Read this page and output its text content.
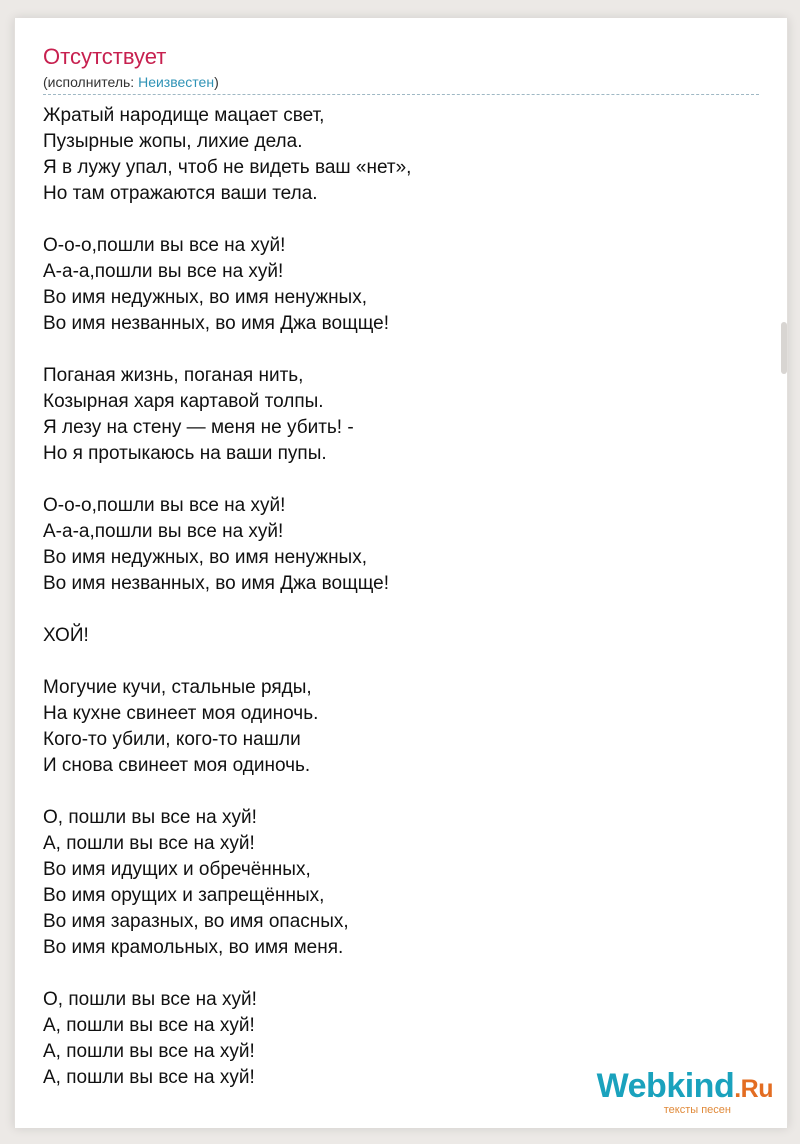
Отсутствует
(исполнитель: Неизвестен)
Жратый народище мацает свет,
Пузырные жопы, лихие дела.
Я в лужу упал, чтоб не видеть ваш «нет»,
Но там отражаются ваши тела.
О-о-о,пошли вы все на хуй!
А-а-а,пошли вы все на хуй!
Во имя недужных, во имя ненужных,
Во имя незванных, во имя Джа вощще!
Поганая жизнь, поганая нить,
Козырная харя картавой толпы.
Я лезу на стену — меня не убить! -
Но я протыкаюсь на ваши пупы.
О-о-о,пошли вы все на хуй!
А-а-а,пошли вы все на хуй!
Во имя недужных, во имя ненужных,
Во имя незванных, во имя Джа вощще!
ХОЙ!
Могучие кучи, стальные ряды,
На кухне свинеет моя одиночь.
Кого-то убили, кого-то нашли
И снова свинеет моя одиночь.
О, пошли вы все на хуй!
А, пошли вы все на хуй!
Во имя идущих и обречённых,
Во имя орущих и запрещённых,
Во имя заразных, во имя опасных,
Во имя крамольных, во имя меня.
О, пошли вы все на хуй!
А, пошли вы все на хуй!
А, пошли вы все на хуй!
А, пошли вы все на хуй!	Webkind.Ru
тексты песен
